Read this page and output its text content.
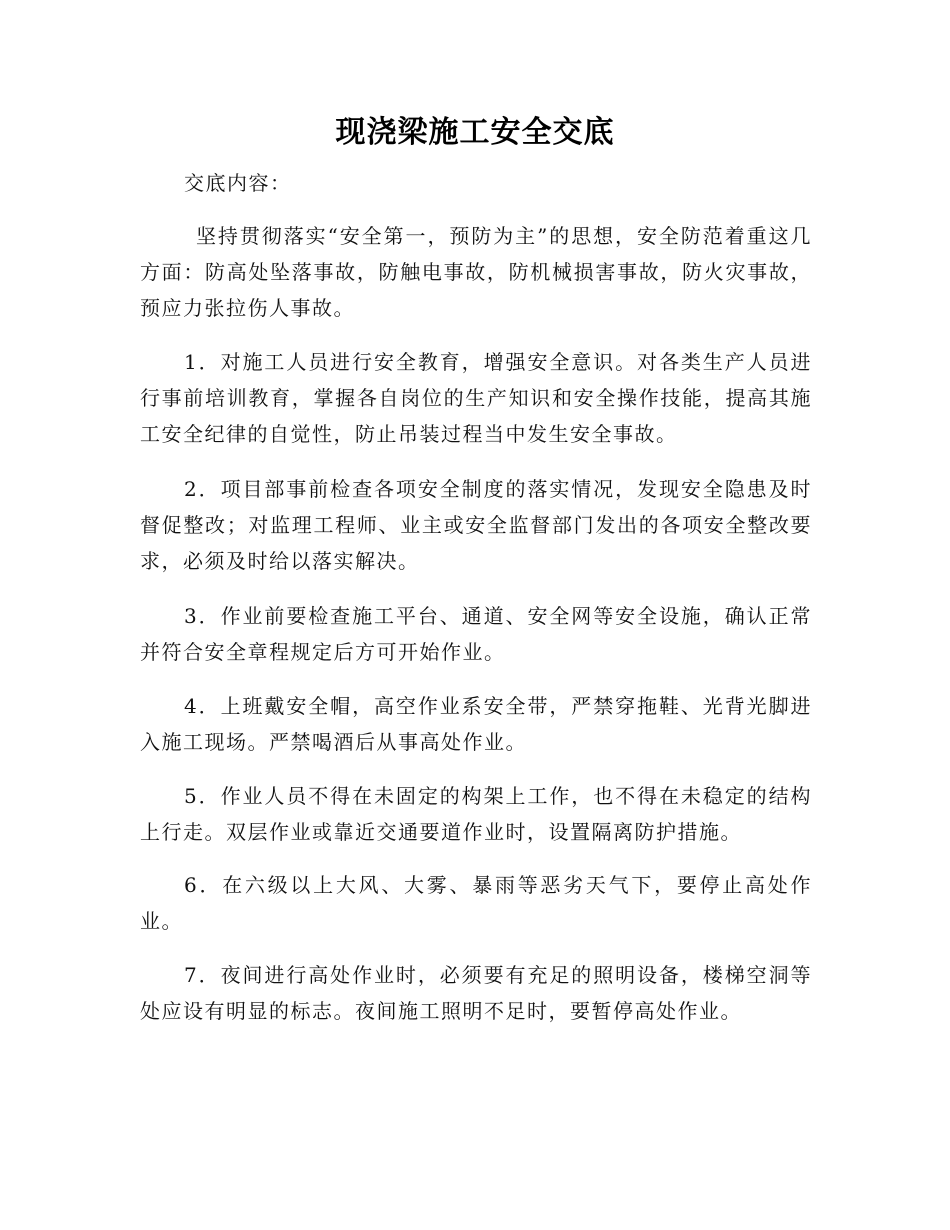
现浇梁施工安全交底

交底内容：

坚持贯彻落实“安全第一，预防为主”的思想，安全防范着重这几方面：防高处坠落事故，防触电事故，防机械损害事故，防火灾事故，预应力张拉伤人事故。

1．对施工人员进行安全教育，增强安全意识。对各类生产人员进行事前培训教育，掌握各自岗位的生产知识和安全操作技能，提高其施工安全纪律的自觉性，防止吊装过程当中发生安全事故。

2．项目部事前检查各项安全制度的落实情况，发现安全隐患及时督促整改；对监理工程师、业主或安全监督部门发出的各项安全整改要求，必须及时给以落实解决。

3．作业前要检查施工平台、通道、安全网等安全设施，确认正常并符合安全章程规定后方可开始作业。

4．上班戴安全帽，高空作业系安全带，严禁穿拖鞋、光背光脚进入施工现场。严禁喝酒后从事高处作业。

5．作业人员不得在未固定的构架上工作，也不得在未稳定的结构上行走。双层作业或靠近交通要道作业时，设置隔离防护措施。

6．在六级以上大风、大雾、暴雨等恶劣天气下，要停止高处作业。

7．夜间进行高处作业时，必须要有充足的照明设备，楼梯空洞等处应设有明显的标志。夜间施工照明不足时，要暂停高处作业。
